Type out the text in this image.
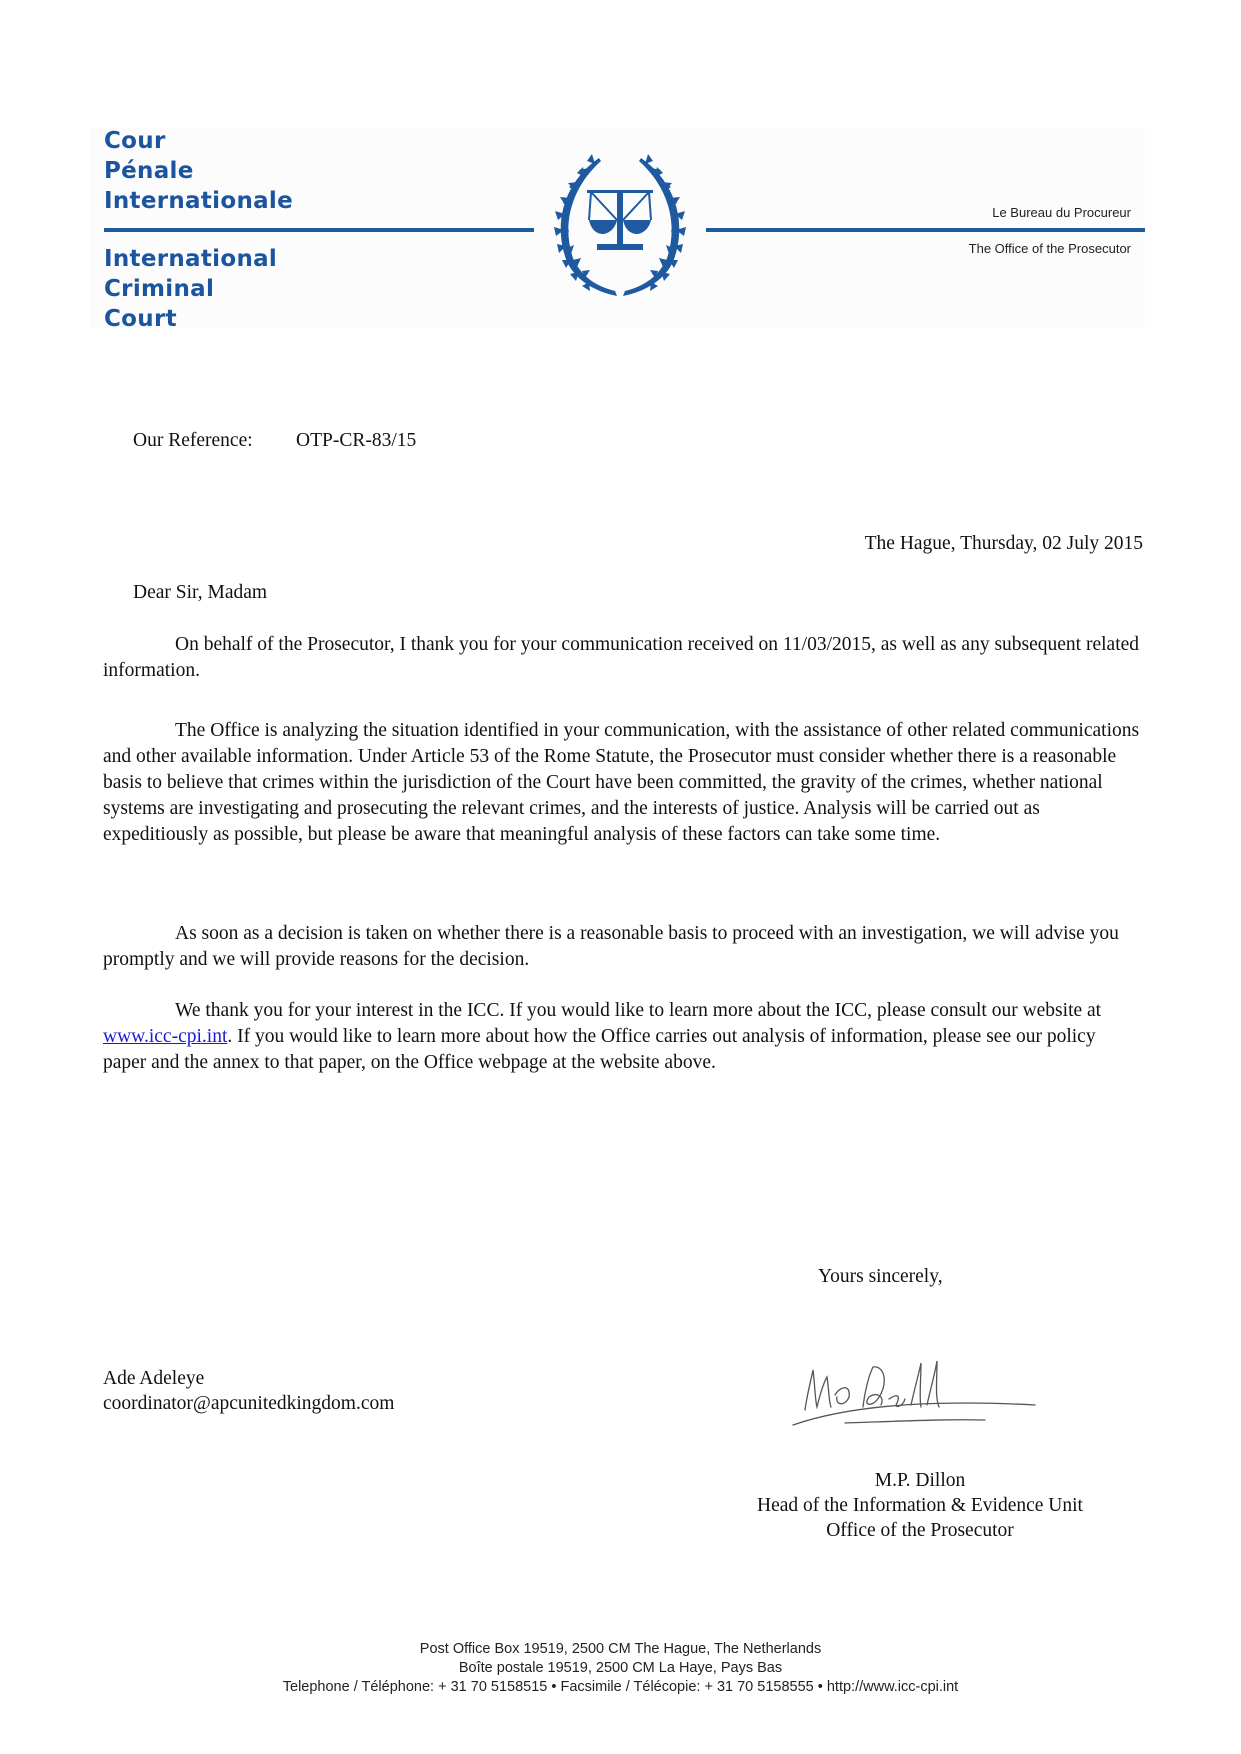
Cour
Pénale
Internationale
International
Criminal
Court
Le Bureau du Procureur
The Office of the Prosecutor
Our Reference: OTP-CR-83/15
The Hague, Thursday, 02 July 2015
Dear Sir, Madam

On behalf of the Prosecutor, I thank you for your communication received on 11/03/2015, as well as any subsequent related information.

The Office is analyzing the situation identified in your communication, with the assistance of other related communications and other available information. Under Article 53 of the Rome Statute, the Prosecutor must consider whether there is a reasonable basis to believe that crimes within the jurisdiction of the Court have been committed, the gravity of the crimes, whether national systems are investigating and prosecuting the relevant crimes, and the interests of justice. Analysis will be carried out as expeditiously as possible, but please be aware that meaningful analysis of these factors can take some time.

As soon as a decision is taken on whether there is a reasonable basis to proceed with an investigation, we will advise you promptly and we will provide reasons for the decision.

We thank you for your interest in the ICC. If you would like to learn more about the ICC, please consult our website at www.icc-cpi.int. If you would like to learn more about how the Office carries out analysis of information, please see our policy paper and the annex to that paper, on the Office webpage at the website above.

Yours sincerely,
Ade Adeleye
coordinator@apcunitedkingdom.com
M.P. Dillon
Head of the Information & Evidence Unit
Office of the Prosecutor
Post Office Box 19519, 2500 CM The Hague, The Netherlands
Boîte postale 19519, 2500 CM La Haye, Pays Bas
Telephone / Téléphone: + 31 70 5158515 • Facsimile / Télécopie: + 31 70 5158555 • http://www.icc-cpi.int
